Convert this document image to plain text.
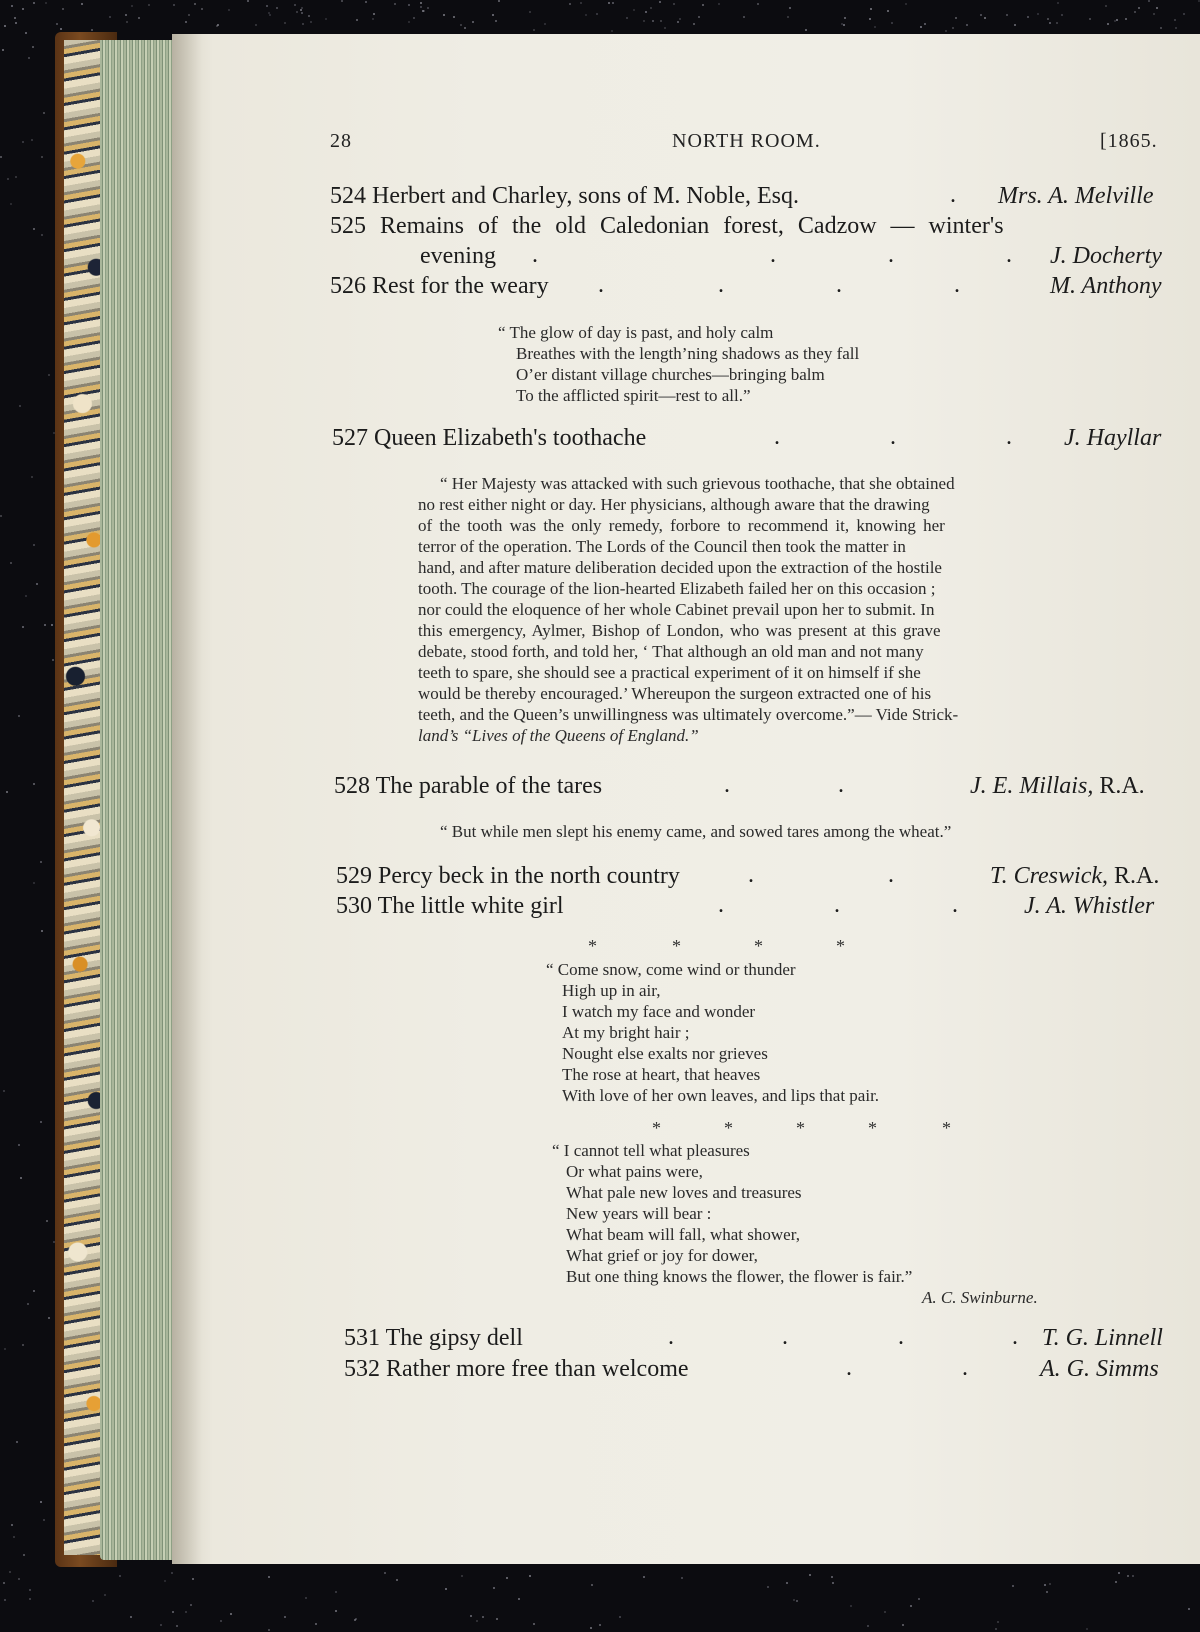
28	NORTH ROOM.	[1865.
524 Herbert and Charley, sons of M. Noble, Esq.	. Mrs. A. Melville
525 Remains of the old Caledonian forest, Cadzow — winter's
evening .	.	.	. J. Docherty
526 Rest for the weary .	.	.	.	M. Anthony
“ The glow of day is past, and holy calm
Breathes with the length’ning shadows as they fall
O’er distant village churches—bringing balm
To the afflicted spirit—rest to all.”
527 Queen Elizabeth's toothache	.	.	. J. Hayllar
“ Her Majesty was attacked with such grievous toothache, that she obtained
no rest either night or day. Her physicians, although aware that the drawing
of the tooth was the only remedy, forbore to recommend it, knowing her
terror of the operation. The Lords of the Council then took the matter in
hand, and after mature deliberation decided upon the extraction of the hostile
tooth. The courage of the lion-hearted Elizabeth failed her on this occasion ;
nor could the eloquence of her whole Cabinet prevail upon her to submit. In
this emergency, Aylmer, Bishop of London, who was present at this grave
debate, stood forth, and told her, ‘ That although an old man and not many
teeth to spare, she should see a practical experiment of it on himself if she
would be thereby encouraged.’ Whereupon the surgeon extracted one of his
teeth, and the Queen’s unwillingness was ultimately overcome.”— Vide Strick-
land’s “Lives of the Queens of England.”
528 The parable of the tares	.	.	J. E. Millais, R.A.
“ But while men slept his enemy came, and sowed tares among the wheat.”
529 Percy beck in the north country	.	.	T. Creswick, R.A.
530 The little white girl	.	.	.	J. A. Whistler
*	*	*	*
“ Come snow, come wind or thunder
High up in air,
I watch my face and wonder
At my bright hair ;
Nought else exalts nor grieves
The rose at heart, that heaves
With love of her own leaves, and lips that pair.
*	*	*	*	*
“ I cannot tell what pleasures
Or what pains were,
What pale new loves and treasures
New years will bear :
What beam will fall, what shower,
What grief or joy for dower,
But one thing knows the flower, the flower is fair.”
A. C. Swinburne.
531 The gipsy dell	.	.	.	. T. G. Linnell
532 Rather more free than welcome	.	.	A. G. Simms
